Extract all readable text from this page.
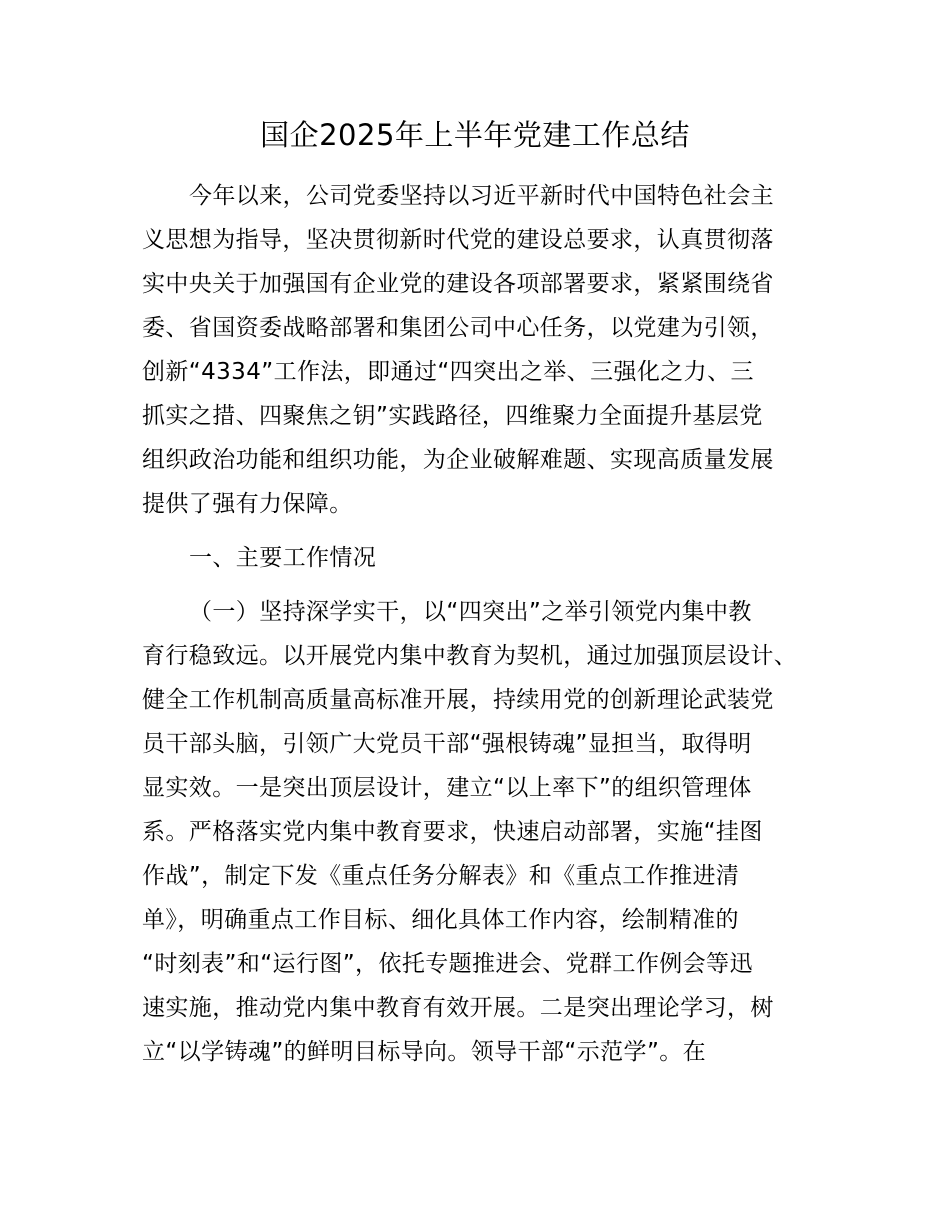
国企2025年上半年党建工作总结
今年以来，公司党委坚持以习近平新时代中国特色社会主
义思想为指导，坚决贯彻新时代党的建设总要求，认真贯彻落
实中央关于加强国有企业党的建设各项部署要求，紧紧围绕省
委、省国资委战略部署和集团公司中心任务，以党建为引领，
创新“4334”工作法，即通过“四突出之举、三强化之力、三
抓实之措、四聚焦之钥”实践路径，四维聚力全面提升基层党
组织政治功能和组织功能，为企业破解难题、实现高质量发展
提供了强有力保障。
一、主要工作情况
（一）坚持深学实干，以“四突出”之举引领党内集中教
育行稳致远。以开展党内集中教育为契机，通过加强顶层设计、
健全工作机制高质量高标准开展，持续用党的创新理论武装党
员干部头脑，引领广大党员干部“强根铸魂”显担当，取得明
显实效。一是突出顶层设计，建立“以上率下”的组织管理体
系。严格落实党内集中教育要求，快速启动部署，实施“挂图
作战”，制定下发《重点任务分解表》和《重点工作推进清
单》，明确重点工作目标、细化具体工作内容，绘制精准的
“时刻表”和“运行图”，依托专题推进会、党群工作例会等迅
速实施，推动党内集中教育有效开展。二是突出理论学习，树
立“以学铸魂”的鲜明目标导向。领导干部“示范学”。在
